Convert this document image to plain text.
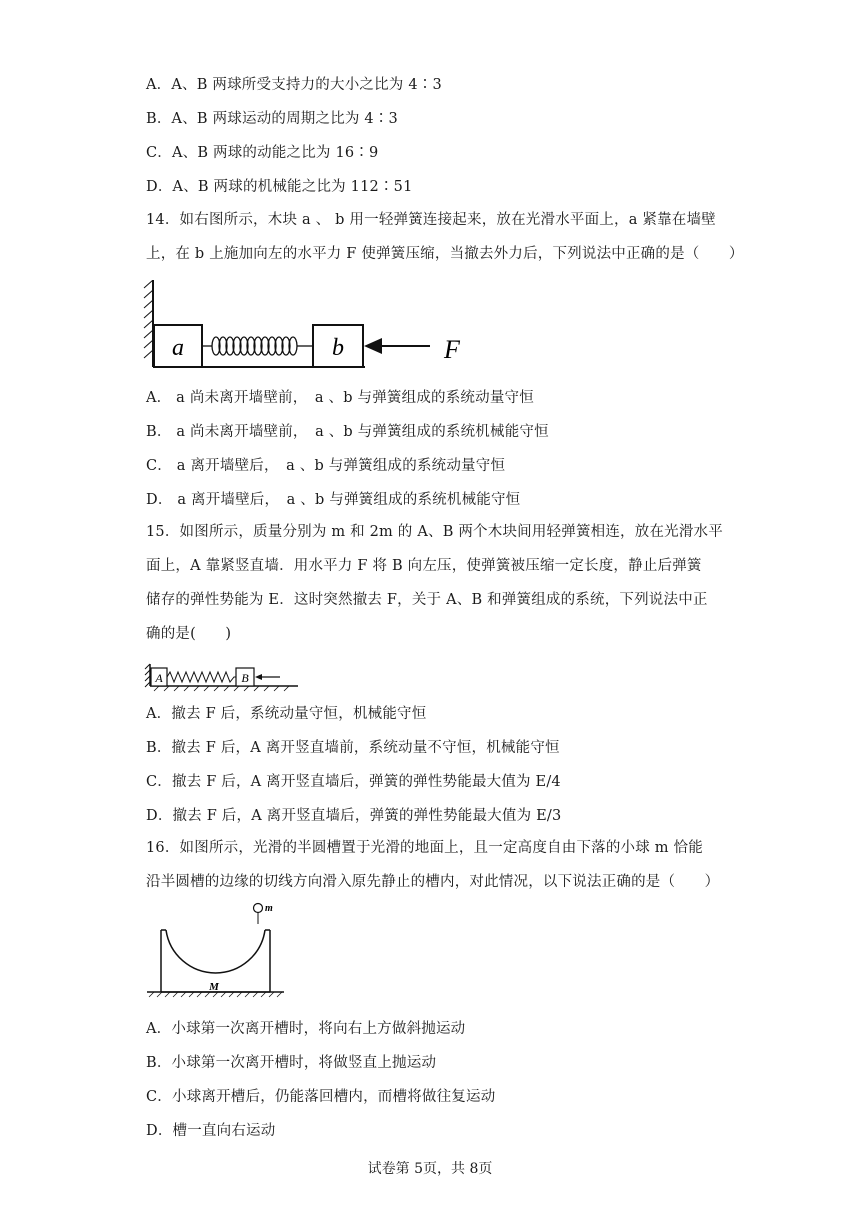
A．A、B 两球所受支持力的大小之比为 4∶3
B．A、B 两球运动的周期之比为 4∶3
C．A、B 两球的动能之比为 16∶9
D．A、B 两球的机械能之比为 112∶51
14．如右图所示，木块 a 、 b 用一轻弹簧连接起来，放在光滑水平面上，a 紧靠在墙壁
上，在 b 上施加向左的水平力 F 使弹簧压缩，当撤去外力后，下列说法中正确的是（　　）
a	b	F
A． a 尚未离开墙壁前，　a 、b 与弹簧组成的系统动量守恒
B． a 尚未离开墙壁前，　a 、b 与弹簧组成的系统机械能守恒
C． a 离开墙壁后，　a 、b 与弹簧组成的系统动量守恒
D． a 离开墙壁后，　a 、b 与弹簧组成的系统机械能守恒
15．如图所示，质量分别为 m 和 2m 的 A、B 两个木块间用轻弹簧相连，放在光滑水平
面上，A 靠紧竖直墙．用水平力 F 将 B 向左压，使弹簧被压缩一定长度，静止后弹簧
储存的弹性势能为 E．这时突然撤去 F，关于 A、B 和弹簧组成的系统，下列说法中正
确的是(　　)
A	B
A．撤去 F 后，系统动量守恒，机械能守恒
B．撤去 F 后，A 离开竖直墙前，系统动量不守恒，机械能守恒
C．撤去 F 后，A 离开竖直墙后，弹簧的弹性势能最大值为 E/4
D．撤去 F 后，A 离开竖直墙后，弹簧的弹性势能最大值为 E/3
16．如图所示，光滑的半圆槽置于光滑的地面上，且一定高度自由下落的小球 m 恰能
沿半圆槽的边缘的切线方向滑入原先静止的槽内，对此情况，以下说法正确的是（　　）
M
m
A．小球第一次离开槽时，将向右上方做斜抛运动
B．小球第一次离开槽时，将做竖直上抛运动
C．小球离开槽后，仍能落回槽内，而槽将做往复运动
D．槽一直向右运动
试卷第 5页，共 8页
